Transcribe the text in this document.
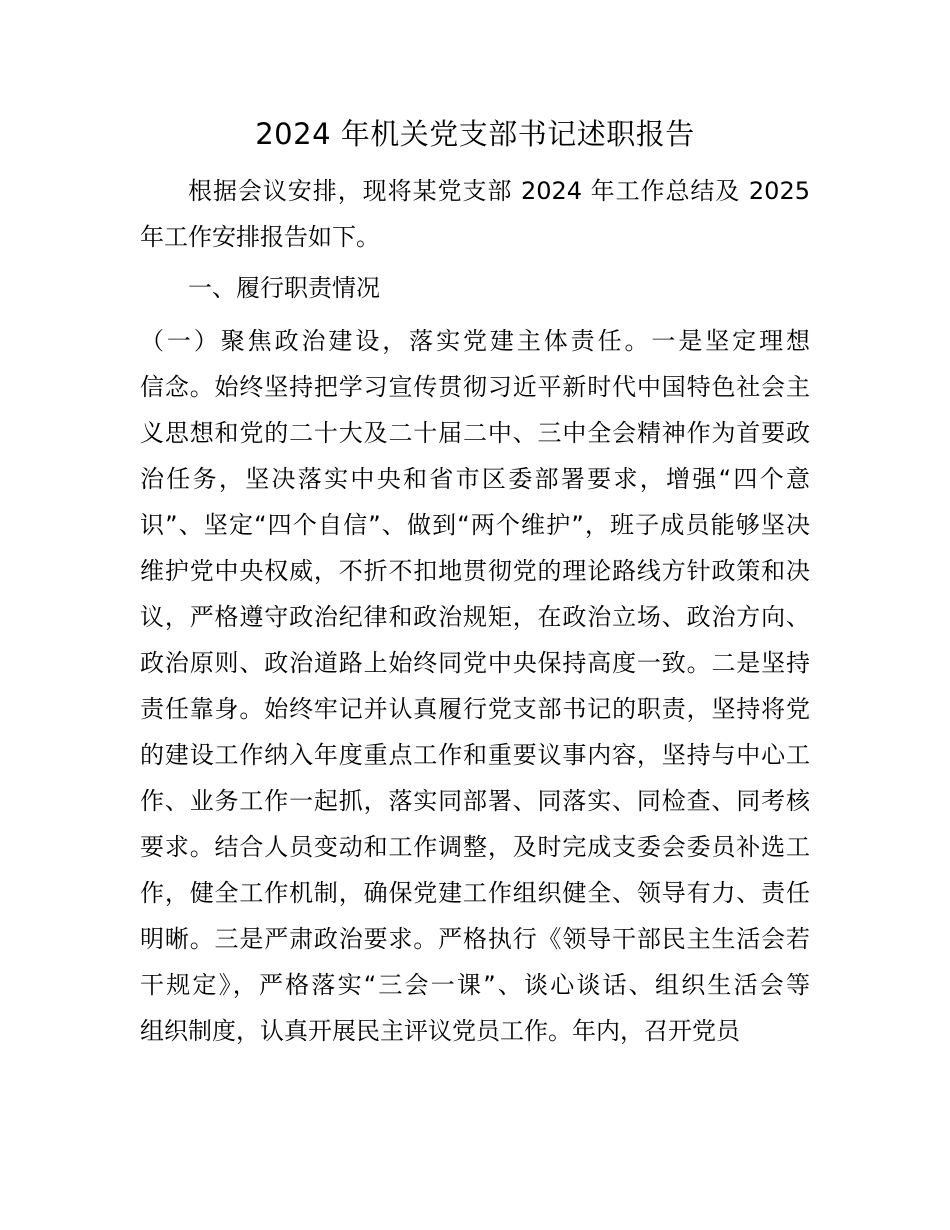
2024 年机关党支部书记述职报告

根据会议安排，现将某党支部 2024 年工作总结及 2025

年工作安排报告如下。

一、履行职责情况

（一）聚焦政治建设，落实党建主体责任。一是坚定理想

信念。始终坚持把学习宣传贯彻习近平新时代中国特色社会主

义思想和党的二十大及二十届二中、三中全会精神作为首要政

治任务，坚决落实中央和省市区委部署要求，增强“四个意

识”、坚定“四个自信”、做到“两个维护”，班子成员能够坚决

维护党中央权威，不折不扣地贯彻党的理论路线方针政策和决

议，严格遵守政治纪律和政治规矩，在政治立场、政治方向、

政治原则、政治道路上始终同党中央保持高度一致。二是坚持

责任靠身。始终牢记并认真履行党支部书记的职责，坚持将党

的建设工作纳入年度重点工作和重要议事内容，坚持与中心工

作、业务工作一起抓，落实同部署、同落实、同检查、同考核

要求。结合人员变动和工作调整，及时完成支委会委员补选工

作，健全工作机制，确保党建工作组织健全、领导有力、责任

明晰。三是严肃政治要求。严格执行《领导干部民主生活会若

干规定》，严格落实“三会一课”、谈心谈话、组织生活会等

组织制度，认真开展民主评议党员工作。年内，召开党员
